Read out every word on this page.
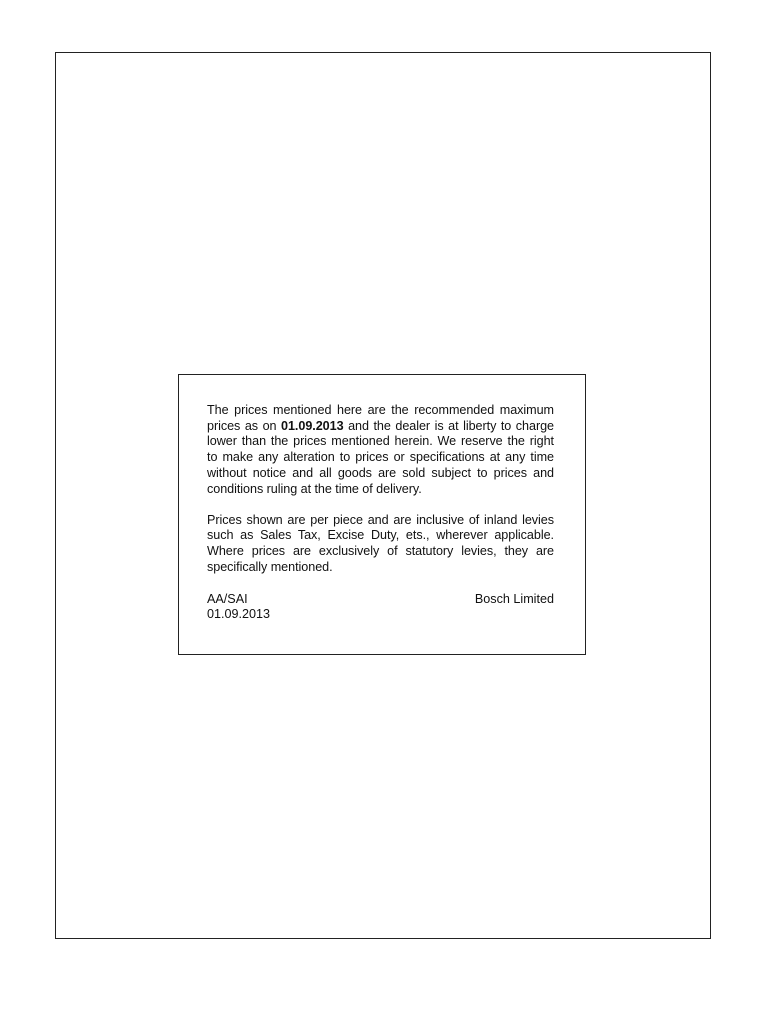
The prices mentioned here are the recommended maximum prices as on 01.09.2013 and the dealer is at liberty to charge lower than the prices mentioned herein. We reserve the right to make any alteration to prices or specifications at any time without notice and all goods are sold subject to prices and conditions ruling at the time of delivery.

Prices shown are per piece and are inclusive of inland levies such as Sales Tax, Excise Duty, ets., wherever applicable. Where prices are exclusively of statutory levies, they are specifically mentioned.

AA/SAI
01.09.2013
Bosch Limited
